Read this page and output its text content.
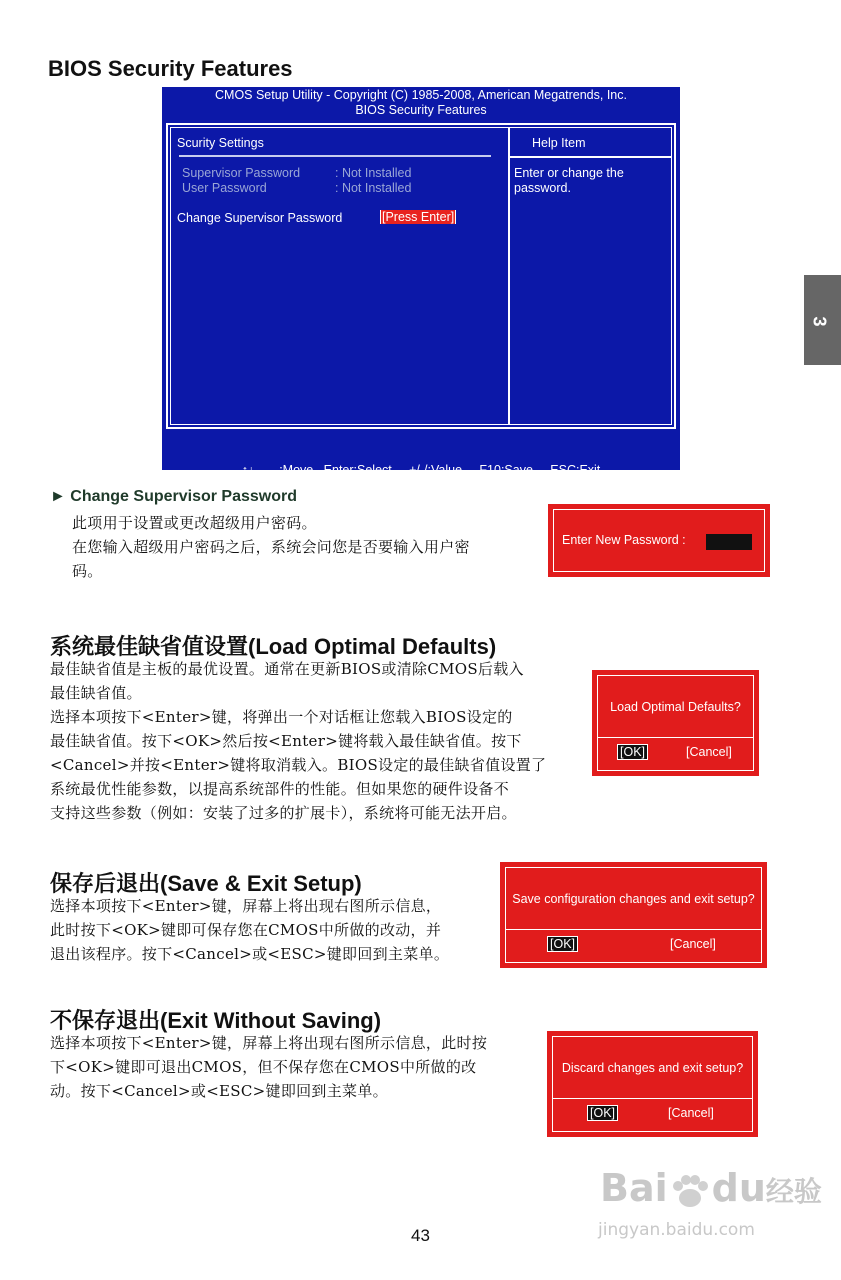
BIOS Security Features
CMOS Setup Utility - Copyright (C) 1985-2008, American Megatrends, Inc.
BIOS Security Features
Scurity Settings	Help Item
Supervisor Password	: Not Installed
User Password	: Not Installed
Change Supervisor Password	[Press Enter]
Enter or change the
password.

↑↓←→:Move   Enter:Select     +/-/:Value     F10:Save     ESC:Exit

F1:General Help        F9:Optimized Defaults

3
► Change Supervisor Password
此项用于设置或更改超级用户密码。
在您输入超级用户密码之后，系统会问您是否要输入用户密
码。
Enter New Password :
系统最佳缺省值设置(Load Optimal Defaults)
最佳缺省值是主板的最优设置。通常在更新BIOS或清除CMOS后载入
最佳缺省值。
选择本项按下<Enter>键，将弹出一个对话框让您载入BIOS设定的
最佳缺省值。按下<OK>然后按<Enter>键将载入最佳缺省值。按下
<Cancel>并按<Enter>键将取消载入。BIOS设定的最佳缺省值设置了
系统最优性能参数，以提高系统部件的性能。但如果您的硬件设备不
支持这些参数（例如：安装了过多的扩展卡），系统将可能无法开启。
Load Optimal Defaults?
[OK]	[Cancel]
保存后退出(Save & Exit Setup)
选择本项按下<Enter>键，屏幕上将出现右图所示信息，
此时按下<OK>键即可保存您在CMOS中所做的改动，并
退出该程序。按下<Cancel>或<ESC>键即回到主菜单。
Save configuration changes and exit setup?
[OK]	[Cancel]
不保存退出(Exit Without Saving)
选择本项按下<Enter>键，屏幕上将出现右图所示信息，此时按
下<OK>键即可退出CMOS，但不保存您在CMOS中所做的改
动。按下<Cancel>或<ESC>键即回到主菜单。
Discard changes and exit setup?
[OK]	[Cancel]
Bai du经验
jingyan.baidu.com
43
